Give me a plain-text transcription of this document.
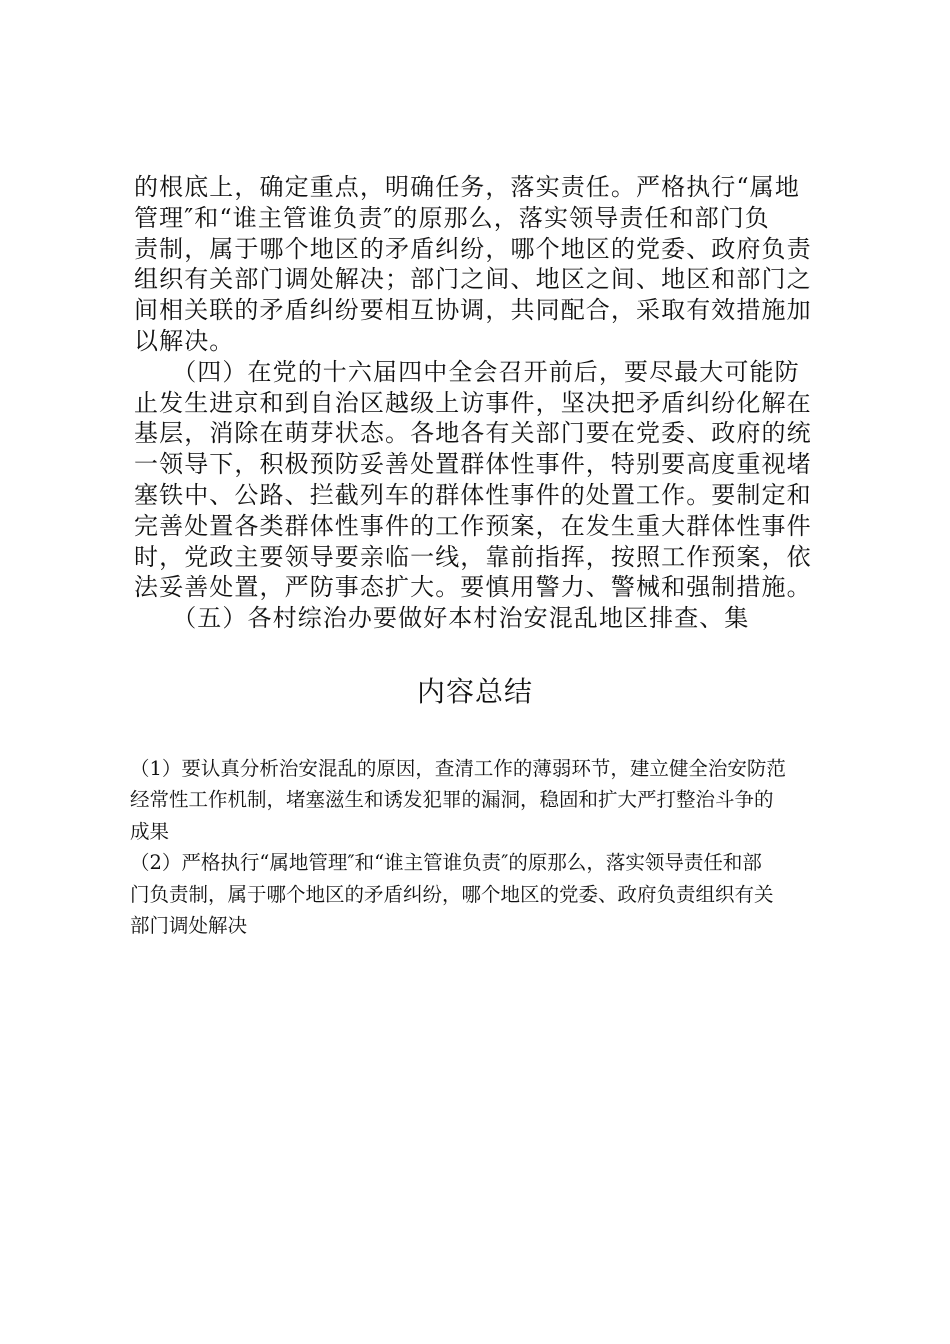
的根底上，确定重点，明确任务，落实责任。严格执行“属地
管理″和“谁主管谁负责″的原那么，落实领导责任和部门负
责制，属于哪个地区的矛盾纠纷，哪个地区的党委、政府负责
组织有关部门调处解决；部门之间、地区之间、地区和部门之
间相关联的矛盾纠纷要相互协调，共同配合，采取有效措施加
以解决。
　　（四）在党的十六届四中全会召开前后，要尽最大可能防
止发生进京和到自治区越级上访事件，坚决把矛盾纠纷化解在
基层，消除在萌芽状态。各地各有关部门要在党委、政府的统
一领导下，积极预防妥善处置群体性事件，特别要高度重视堵
塞铁中、公路、拦截列车的群体性事件的处置工作。要制定和
完善处置各类群体性事件的工作预案，在发生重大群体性事件
时，党政主要领导要亲临一线，靠前指挥，按照工作预案，依
法妥善处置，严防事态扩大。要慎用警力、警械和强制措施。
　　（五）各村综治办要做好本村治安混乱地区排查、集
内容总结
（1）要认真分析治安混乱的原因，查清工作的薄弱环节，建立健全治安防范
经常性工作机制，堵塞滋生和诱发犯罪的漏洞，稳固和扩大严打整治斗争的
成果
（2）严格执行“属地管理″和“谁主管谁负责″的原那么，落实领导责任和部
门负责制，属于哪个地区的矛盾纠纷，哪个地区的党委、政府负责组织有关
部门调处解决
